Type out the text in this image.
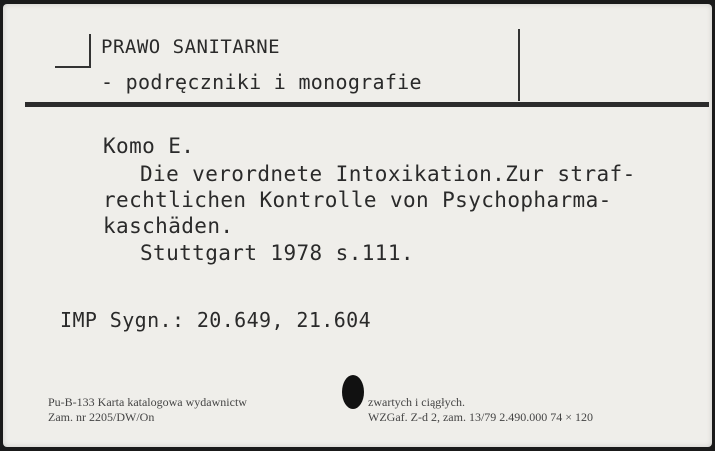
PRAWO SANITARNE
- podręczniki i monografie
Komo E.
Die verordnete Intoxikation.Zur straf-
rechtlichen Kontrolle von Psychopharma-
kaschäden.
Stuttgart 1978 s.111.
IMP Sygn.: 20.649, 21.604
Pu-B-133 Karta katalogowa wydawnictw	zwartych i ciągłych.
Zam. nr 2205/DW/On	WZGaf. Z-d 2, zam. 13/79 2.490.000 74 × 120
